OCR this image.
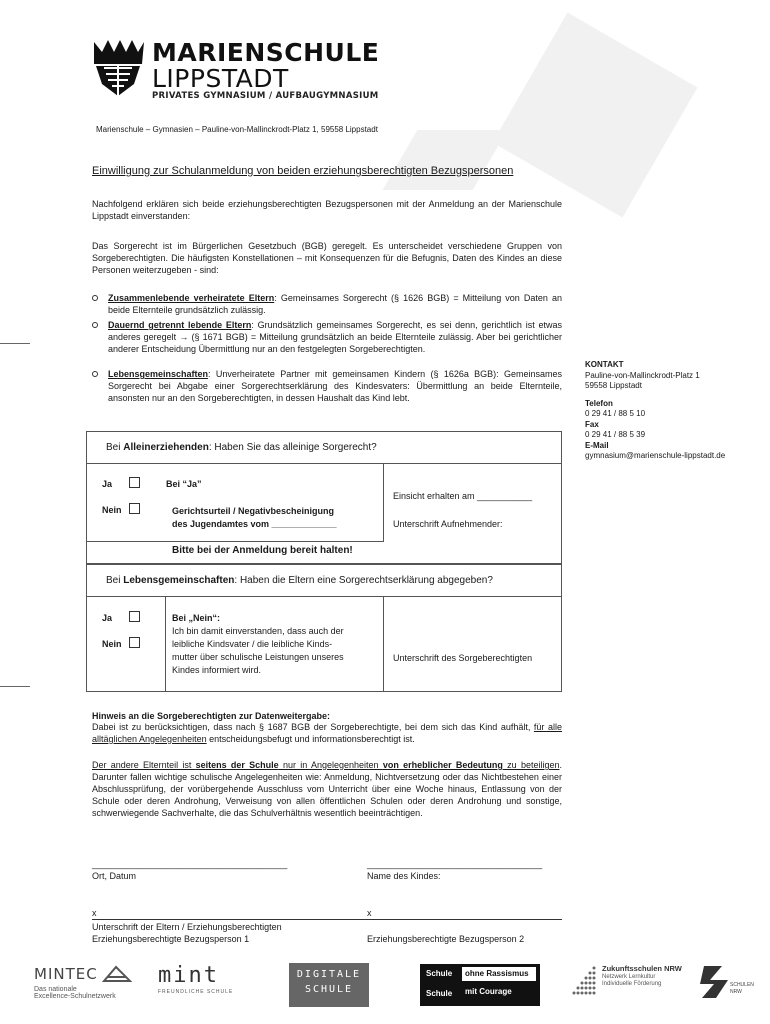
MARIENSCHULE
LIPPSTADT
PRIVATES GYMNASIUM / AUFBAUGYMNASIUM
Marienschule – Gymnasien – Pauline-von-Mallinckrodt-Platz 1, 59558 Lippstadt
KONTAKT
Pauline-von-Mallinckrodt-Platz 1
59558 Lippstadt
Telefon
0 29 41 / 88 5 10
Fax
0 29 41 / 88 5 39
E-Mail
gymnasium@marienschule-lippstadt.de
Einwilligung zur Schulanmeldung von beiden erziehungsberechtigten Bezugspersonen
Nachfolgend erklären sich beide erziehungsberechtigten Bezugspersonen mit der Anmeldung an der Marienschule Lippstadt einverstanden:
Das Sorgerecht ist im Bürgerlichen Gesetzbuch (BGB) geregelt. Es unterscheidet verschiedene Gruppen von Sorgeberechtigten. Die häufigsten Konstellationen – mit Konsequenzen für die Befugnis, Daten des Kindes an diese Personen weiterzugeben - sind:
Zusammenlebende verheiratete Eltern: Gemeinsames Sorgerecht (§ 1626 BGB) = Mitteilung von Daten an beide Elternteile grundsätzlich zulässig.
Dauernd getrennt lebende Eltern: Grundsätzlich gemeinsames Sorgerecht, es sei denn, gerichtlich ist etwas anderes geregelt → (§ 1671 BGB) = Mitteilung grundsätzlich an beide Elternteile zulässig. Aber bei gerichtlicher anderer Entscheidung Übermittlung nur an den festgelegten Sorgeberechtigten.
Lebensgemeinschaften: Unverheiratete Partner mit gemeinsamen Kindern (§ 1626a BGB): Gemeinsames Sorgerecht bei Abgabe einer Sorgerechtserklärung des Kindesvaters: Übermittlung an beide Elternteile, ansonsten nur an den Sorgeberechtigten, in dessen Haushalt das Kind lebt.
Bei Alleinerziehenden: Haben Sie das alleinige Sorgerecht?
Ja
Nein
Bei “Ja”
Gerichtsurteil / Negativbescheinigung
des Jugendamtes vom _____________
Einsicht erhalten am ___________
Unterschrift Aufnehmender:
Bitte bei der Anmeldung bereit halten!
Bei Lebensgemeinschaften: Haben die Eltern eine Sorgerechtserklärung abgegeben?
Ja
Nein
Bei „Nein“:
Ich bin damit einverstanden, dass auch der
leibliche Kindsvater / die leibliche Kinds-
mutter über schulische Leistungen unseres
Kindes informiert wird.
Unterschrift des Sorgeberechtigten
Hinweis an die Sorgeberechtigten zur Datenweitergabe:
Dabei ist zu berücksichtigen, dass nach § 1687 BGB der Sorgeberechtigte, bei dem sich das Kind aufhält, für alle alltäglichen Angelegenheiten entscheidungsbefugt und informationsberechtigt ist.
Der andere Elternteil ist seitens der Schule nur in Angelegenheiten von erheblicher Bedeutung zu beteiligen. Darunter fallen wichtige schulische Angelegenheiten wie: Anmeldung, Nichtversetzung oder das Nichtbestehen einer Abschlussprüfung, der vorübergehende Ausschluss vom Unterricht über eine Woche hinaus, Entlassung von der Schule oder deren Androhung, Verweisung von allen öffentlichen Schulen oder deren Androhung und sonstige, schwerwiegende Sachverhalte, die das Schulverhältnis wesentlich beeinträchtigen.
_______________________________________
Ort, Datum
___________________________________
Name des Kindes:
x	x
Unterschrift der Eltern / Erziehungsberechtigten
Erziehungsberechtigte Bezugsperson 1	Erziehungsberechtigte Bezugsperson 2
MINTEC
Das nationale
Excellence-Schulnetzwerk
mint
FREUNDLICHE SCHULE
DIGITALE
SCHULE
Schule	ohne Rassismus
Schule	mit Courage
Zukunftsschulen NRW
Netzwerk Lernkultur
Individuelle Förderung	SCHULEN
NRW
